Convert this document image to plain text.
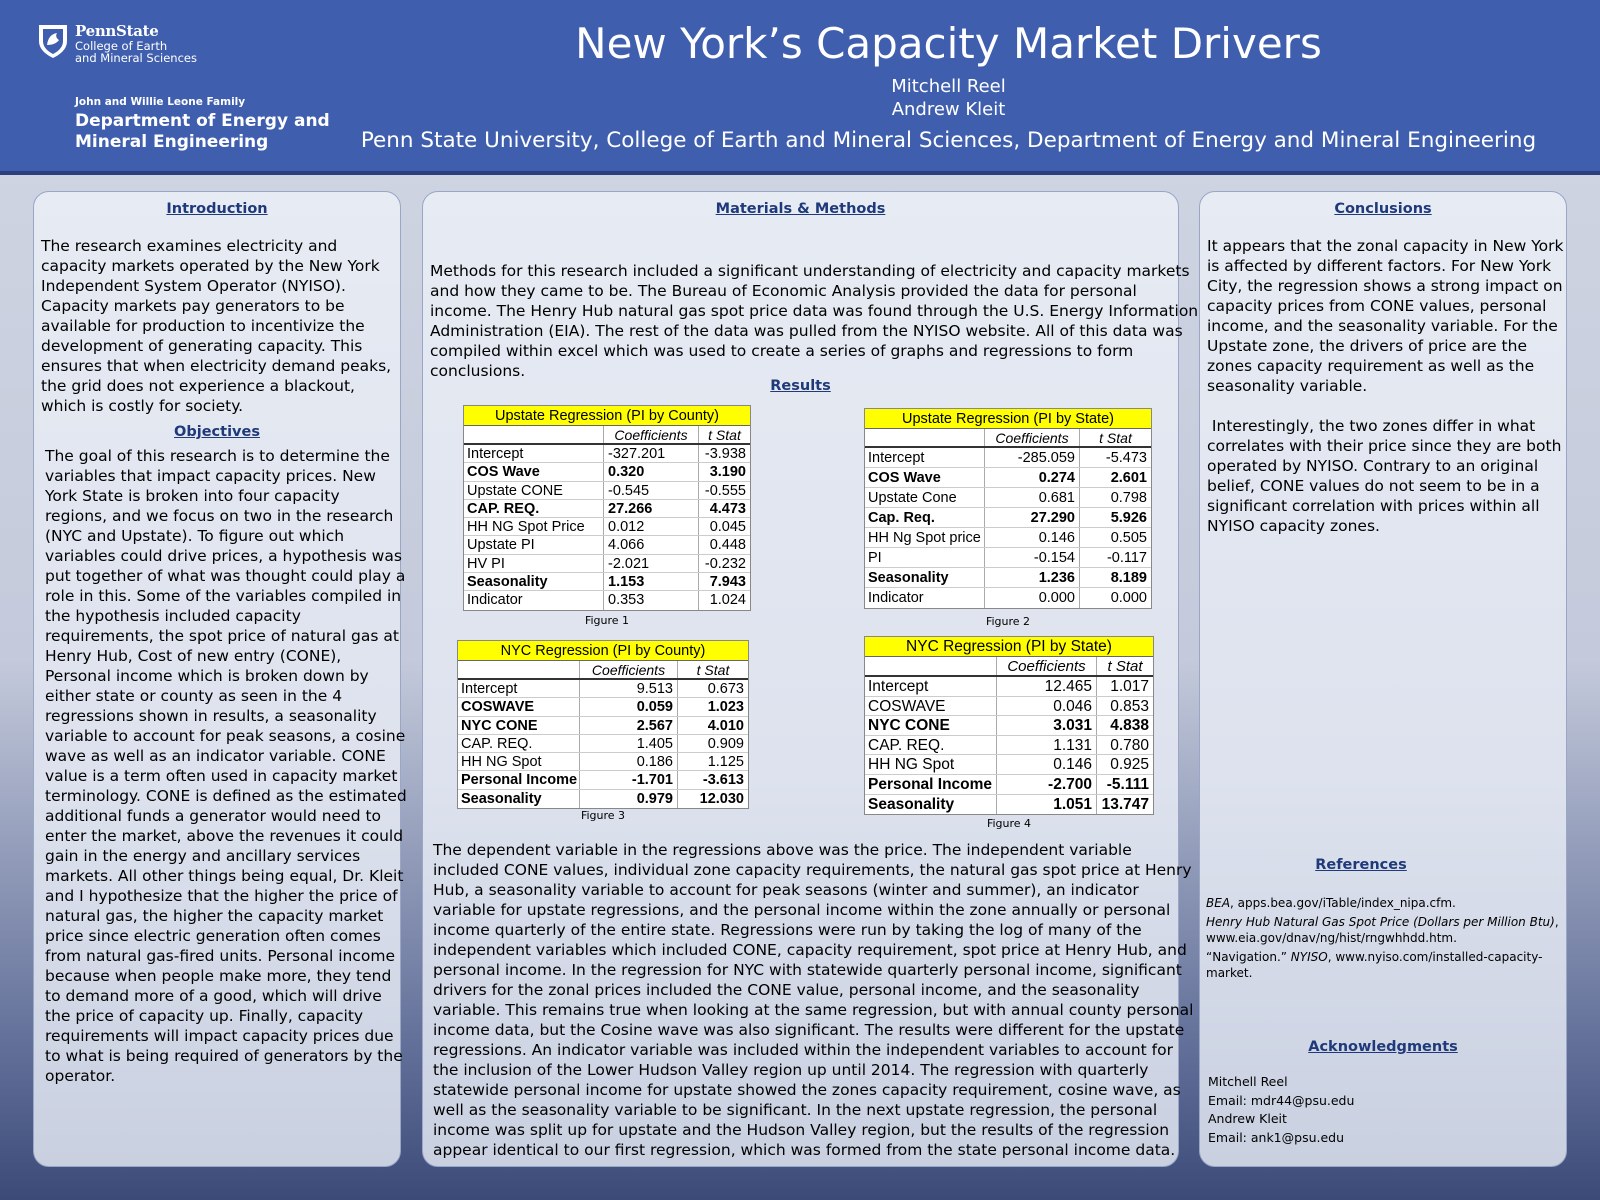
PennState
College of Earth
and Mineral Sciences
John and Willie Leone Family
Department of Energy and
Mineral Engineering
New York’s Capacity Market Drivers
Mitchell Reel
Andrew Kleit
Penn State University, College of Earth and Mineral Sciences, Department of Energy and Mineral Engineering
Introduction
The research examines electricity and
capacity markets operated by the New York
Independent System Operator (NYISO).
Capacity markets pay generators to be
available for production to incentivize the
development of generating capacity. This
ensures that when electricity demand peaks,
the grid does not experience a blackout,
which is costly for society.
Objectives
The goal of this research is to determine the
variables that impact capacity prices. New
York State is broken into four capacity
regions, and we focus on two in the research
(NYC and Upstate). To figure out which
variables could drive prices, a hypothesis was
put together of what was thought could play a
role in this. Some of the variables compiled in
the hypothesis included capacity
requirements, the spot price of natural gas at
Henry Hub, Cost of new entry (CONE),
Personal income which is broken down by
either state or county as seen in the 4
regressions shown in results, a seasonality
variable to account for peak seasons, a cosine
wave as well as an indicator variable. CONE
value is a term often used in capacity market
terminology. CONE is defined as the estimated
additional funds a generator would need to
enter the market, above the revenues it could
gain in the energy and ancillary services
markets. All other things being equal, Dr. Kleit
and I hypothesize that the higher the price of
natural gas, the higher the capacity market
price since electric generation often comes
from natural gas-fired units. Personal income
because when people make more, they tend
to demand more of a good, which will drive
the price of capacity up. Finally, capacity
requirements will impact capacity prices due
to what is being required of generators by the
operator.
Materials & Methods
Methods for this research included a significant understanding of electricity and capacity markets
and how they came to be. The Bureau of Economic Analysis provided the data for personal
income. The Henry Hub natural gas spot price data was found through the U.S. Energy Information
Administration (EIA). The rest of the data was pulled from the NYISO website. All of this data was
compiled within excel which was used to create a series of graphs and regressions to form
conclusions.
Results
Upstate Regression (PI by County)
Coefficients	t Stat
Intercept	-327.201	-3.938
COS Wave	0.320	3.190
Upstate CONE	-0.545	-0.555
CAP. REQ.	27.266	4.473
HH NG Spot Price	0.012	0.045
Upstate PI	4.066	0.448
HV PI	-2.021	-0.232
Seasonality	1.153	7.943
Indicator	0.353	1.024
Figure 1
Upstate Regression (PI by State)
Coefficients	t Stat
Intercept	-285.059	-5.473
COS Wave	0.274	2.601
Upstate Cone	0.681	0.798
Cap. Req.	27.290	5.926
HH Ng Spot price	0.146	0.505
PI	-0.154	-0.117
Seasonality	1.236	8.189
Indicator	0.000	0.000
Figure 2
NYC Regression (PI by County)
Coefficients	t Stat
Intercept	9.513	0.673
COSWAVE	0.059	1.023
NYC CONE	2.567	4.010
CAP. REQ.	1.405	0.909
HH NG Spot	0.186	1.125
Personal Income	-1.701	-3.613
Seasonality	0.979	12.030
Figure 3
NYC Regression (PI by State)
Coefficients	t Stat
Intercept	12.465	1.017
COSWAVE	0.046	0.853
NYC CONE	3.031	4.838
CAP. REQ.	1.131	0.780
HH NG Spot	0.146	0.925
Personal Income	-2.700 -5.111
Seasonality	1.051 13.747
Figure 4
The dependent variable in the regressions above was the price. The independent variable
included CONE values, individual zone capacity requirements, the natural gas spot price at Henry
Hub, a seasonality variable to account for peak seasons (winter and summer), an indicator
variable for upstate regressions, and the personal income within the zone annually or personal
income quarterly of the entire state. Regressions were run by taking the log of many of the
independent variables which included CONE, capacity requirement, spot price at Henry Hub, and
personal income. In the regression for NYC with statewide quarterly personal income, significant
drivers for the zonal prices included the CONE value, personal income, and the seasonality
variable. This remains true when looking at the same regression, but with annual county personal
income data, but the Cosine wave was also significant. The results were different for the upstate
regressions. An indicator variable was included within the independent variables to account for
the inclusion of the Lower Hudson Valley region up until 2014. The regression with quarterly
statewide personal income for upstate showed the zones capacity requirement, cosine wave, as
well as the seasonality variable to be significant. In the next upstate regression, the personal
income was split up for upstate and the Hudson Valley region, but the results of the regression
appear identical to our first regression, which was formed from the state personal income data.
Conclusions
It appears that the zonal capacity in New York
is affected by different factors. For New York
City, the regression shows a strong impact on
capacity prices from CONE values, personal
income, and the seasonality variable. For the
Upstate zone, the drivers of price are the
zones capacity requirement as well as the
seasonality variable.
Interestingly, the two zones differ in what
correlates with their price since they are both
operated by NYISO. Contrary to an original
belief, CONE values do not seem to be in a
significant correlation with prices within all
NYISO capacity zones.
References

BEA, apps.bea.gov/iTable/index_nipa.cfm.

Henry Hub Natural Gas Spot Price (Dollars per Million Btu), www.eia.gov/dnav/ng/hist/rngwhhdd.htm.

“Navigation.” NYISO, www.nyiso.com/installed-capacity-market.

Acknowledgments
Mitchell Reel
Email: mdr44@psu.edu
Andrew Kleit
Email: ank1@psu.edu
